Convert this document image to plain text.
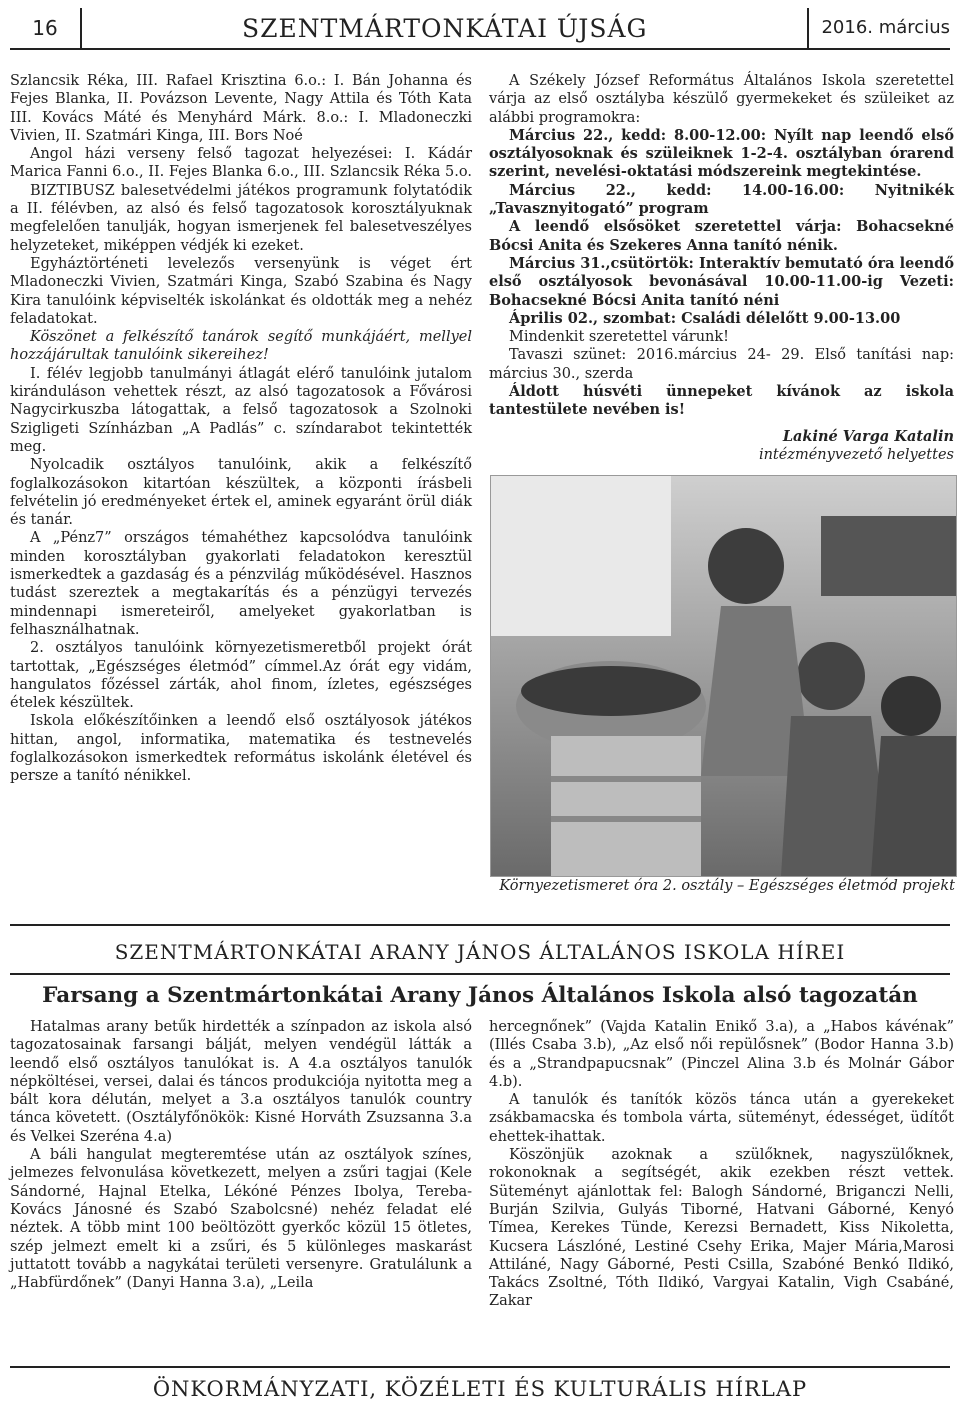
16	SZENTMÁRTONKÁTAI ÚJSÁG	2016. március

Szlancsik Réka, III. Rafael Krisztina 6.o.: I. Bán Johanna és Fejes Blanka, II. Povázson Levente, Nagy Attila és Tóth Kata III. Kovács Máté és Menyhárd Márk. 8.o.: I. Mladoneczki Vivien, II. Szatmári Kinga, III. Bors Noé

Angol házi verseny felső tagozat helyezései: I. Kádár Marica Fanni 6.o., II. Fejes Blanka 6.o., III. Szlancsik Réka 5.o.

BIZTIBUSZ balesetvédelmi játékos programunk folytatódik a II. félévben, az alsó és felső tagozatosok korosztályuknak megfelelően tanulják, hogyan ismerjenek fel balesetveszélyes helyzeteket, miképpen védjék ki ezeket.

Egyháztörténeti levelezős versenyünk is véget ért Mladoneczki Vivien, Szatmári Kinga, Szabó Szabina és Nagy Kira tanulóink képviselték iskolánkat és oldották meg a nehéz feladatokat.

Köszönet a felkészítő tanárok segítő munkájáért, mellyel hozzájárultak tanulóink sikereihez!

I. félév legjobb tanulmányi átlagát elérő tanulóink jutalom kiránduláson vehettek részt, az alsó tagozatosok a Fővárosi Nagycirkuszba látogattak, a felső tagozatosok a Szolnoki Szigligeti Színházban „A Padlás” c. színdarabot tekintették meg.

Nyolcadik osztályos tanulóink, akik a felkészítő foglalkozásokon kitartóan készültek, a központi írásbeli felvételin jó eredményeket értek el, aminek egyaránt örül diák és tanár.

A „Pénz7” országos témahéthez kapcsolódva tanulóink minden korosztályban gyakorlati feladatokon keresztül ismerkedtek a gazdaság és a pénzvilág működésével. Hasznos tudást szereztek a megtakarítás és a pénzügyi tervezés mindennapi ismereteiről, amelyeket gyakorlatban is felhasználhatnak.

2. osztályos tanulóink környezetismeretből projekt órát tartottak, „Egészséges életmód” címmel.Az órát egy vidám, hangulatos főzéssel zárták, ahol finom, ízletes, egészséges ételek készültek.

Iskola előkészítőinken a leendő első osztályosok játékos hittan, angol, informatika, matematika és testnevelés foglalkozásokon ismerkedtek református iskolánk életével és persze a tanító nénikkel.

A Székely József Református Általános Iskola szeretettel várja az első osztályba készülő gyermekeket és szüleiket az alábbi programokra:

Március 22., kedd: 8.00-12.00: Nyílt nap leendő első osztályosoknak és szüleiknek 1-2-4. osztályban órarend szerint, nevelési-oktatási módszereink megtekintése.

Március 22., kedd: 14.00-16.00: Nyitnikék „Tavasznyitogató” program

A leendő elsősöket szeretettel várja: Bohacsekné Bócsi Anita és Szekeres Anna tanító nénik.

Március 31.,csütörtök: Interaktív bemutató óra leendő első osztályosok bevonásával 10.00-11.00-ig Vezeti: Bohacsekné Bócsi Anita tanító néni

Április 02., szombat: Családi délelőtt 9.00-13.00

Mindenkit szeretettel várunk!

Tavaszi szünet: 2016.március 24- 29. Első tanítási nap: március 30., szerda

Áldott húsvéti ünnepeket kívánok az iskola tantestülete nevében is!

Lakiné Varga Katalin

intézményvezető helyettes

Környezetismeret óra 2. osztály – Egészséges életmód projekt
SZENTMÁRTONKÁTAI ARANY JÁNOS ÁLTALÁNOS ISKOLA HÍREI
Farsang a Szentmártonkátai Arany János Általános Iskola alsó tagozatán

Hatalmas arany betűk hirdették a színpadon az iskola alsó tagozatosainak farsangi bálját, melyen vendégül látták a leendő első osztályos tanulókat is. A 4.a osztályos tanulók népköltései, versei, dalai és táncos produkciója nyitotta meg a bált kora délután, melyet a 3.a osztályos tanulók country tánca követett. (Osztályfőnökök: Kisné Horváth Zsuzsanna 3.a és Velkei Szeréna 4.a)

A báli hangulat megteremtése után az osztályok színes, jelmezes felvonulása következett, melyen a zsűri tagjai (Kele Sándorné, Hajnal Etelka, Lékóné Pénzes Ibolya, Tereba-Kovács Jánosné és Szabó Szabolcsné) nehéz feladat elé néztek. A több mint 100 beöltözött gyerkőc közül 15 ötletes, szép jelmezt emelt ki a zsűri, és 5 különleges maskarást juttatott tovább a nagykátai területi versenyre. Gratulálunk a „Habfürdőnek” (Danyi Hanna 3.a), „Leila

hercegnőnek” (Vajda Katalin Enikő 3.a), a „Habos kávénak” (Illés Csaba 3.b), „Az első női repülősnek” (Bodor Hanna 3.b) és a „Strandpapucsnak” (Pinczel Alina 3.b és Molnár Gábor 4.b).

A tanulók és tanítók közös tánca után a gyerekeket zsákbamacska és tombola várta, süteményt, édességet, üdítőt ehettek-ihattak.

Köszönjük azoknak a szülőknek, nagyszülőknek, rokonoknak a segítségét, akik ezekben részt vettek. Süteményt ajánlottak fel: Balogh Sándorné, Briganczi Nelli, Burján Szilvia, Gulyás Tiborné, Hatvani Gáborné, Kenyó Tímea, Kerekes Tünde, Kerezsi Bernadett, Kiss Nikoletta, Kucsera Lászlóné, Lestiné Csehy Erika, Majer Mária,Marosi Attiláné, Nagy Gáborné, Pesti Csilla, Szabóné Benkó Ildikó, Takács Zsoltné, Tóth Ildikó, Vargyai Katalin, Vigh Csabáné, Zakar

ÖNKORMÁNYZATI, KÖZÉLETI ÉS KULTURÁLIS HÍRLAP
